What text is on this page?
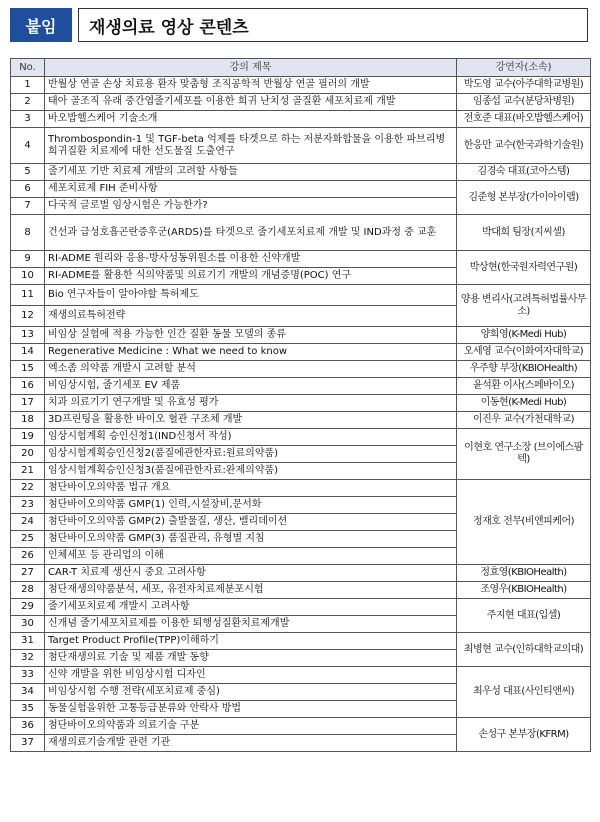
붙임	재생의료 영상 콘텐츠
No.	강의 제목	강연자(소속)
1	반월상 연골 손상 치료용 환자 맞춤형 조직공학적 반월상 연골 필러의 개발	박도영 교수(아주대학교병원)
2	태아 골조직 유래 중간엽줄기세포를 이용한 희귀 난치성 골질환 세포치료제 개발	임종섭 교수(분당차병원)
3	바오밥헬스케어 기술소개	전호준 대표(바오밥헬스케어)
4	Thrombospondin-1 및 TGF-beta 억제를 타겟으로 하는 저분자화합물을 이용한 파브리병 희귀질환 치료제에 대한 선도물질 도출연구	한응만 교수(한국과학기술원)
5	줄기세포 기반 치료제 개발의 고려할 사항들	김경숙 대표(코아스템)
6	세포치료제 FIH 준비사항	김준형 본부장(가이아이랩)
7	다국적 글로벌 임상시험은 가능한가?	
8	건선과 급성호흡곤란증후군(ARDS)를 타겟으로 줄기세포치료제 개발 및 IND과정 중 교훈	박대희 팀장(지씨셀)
9	RI-ADME 원리와 응용-방사성동위원소를 이용한 신약개발	박상현(한국원자력연구원)
10	RI-ADME를 활용한 식의약품및 의료기기 개발의 개념증명(POC) 연구	
11	Bio 연구자들이 알아야할 특허제도	양용 변리사(고려특허법률사무소)
12	재생의료특허전략	
13	비임상 실험에 적용 가능한 인간 질환 동물 모델의 종류	양희영(K-Medi Hub)
14	Regenerative Medicine : What we need to know	오세영 교수(이화여자대학교)
15	엑소좀 의약품 개발시 고려할 분석	우주향 부장(KBIOHealth)
16	비임상시험, 줄기세포 EV 제품	윤석환 이사(스페바이오)
17	치과 의료기기 연구개발 및 유효성 평가	이동현(K-Medi Hub)
18	3D프린팅을 활용한 바이오 혈관 구조체 개발	이진우 교수(가천대학교)
19	임상시험계획 승인신청1(IND신청서 작성)	이현호 연구소장 (브이에스팜텍)
20	임상시험계획승인신청2(품질에관한자료:원료의약품)	
21	임상시험계획승인신청3(품질에관한자료:완제의약품)	
22	첨단바이오의약품 법규 개요	정재호 전무(비앤피케어)
23	첨단바이오의약품 GMP(1) 인력,시설장비,문서화	
24	첨단바이오의약품 GMP(2) 출발물질, 생산, 밸리데이션	
25	첨단바이오의약품 GMP(3) 품질관리, 유형별 지침	
26	인체세포 등 관리업의 이해	
27	CAR-T 치료제 생산시 중요 고려사항	정효영(KBIOHealth)
28	첨단재생의약품분석, 세포, 유전자치료제분포시험	조영우(KBIOHealth)
29	줄기세포치료제 개발시 고려사항	주지현 대표(입셀)
30	신개념 줄기세포치료제를 이용한 퇴행성질환치료제개발	
31	Target Product Profile(TPP)이해하기	최병현 교수(인하대학교의대)
32	첨단재생의료 기술 및 제품 개발 동향	
33	신약 개발을 위한 비임상시험 디자인	최우성 대표(사인티앤씨)
34	비임상시험 수행 전략(세포치료제 중심)	
35	동물실험을위한 고통등급분류와 안락사 방법	
36	첨단바이오의약품과 의료기술 구분	손성구 본부장(KFRM)
37	재생의료기술개발 관련 기관	
